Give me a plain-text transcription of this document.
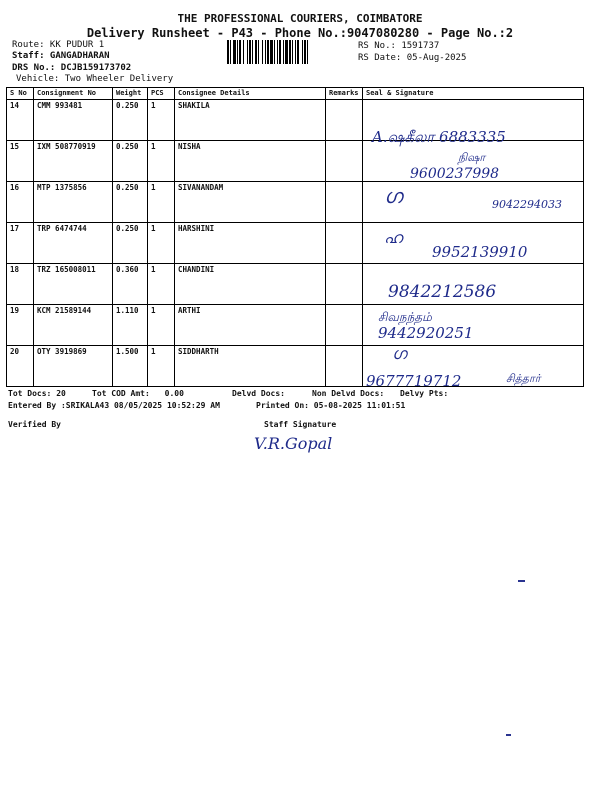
THE PROFESSIONAL COURIERS, COIMBATORE
Delivery Runsheet - P43 - Phone No.:9047080280 - Page No.:2
Route: KK PUDUR 1
Staff: GANGADHARAN
DRS No.: DCJB159173702
Vehicle: Two Wheeler Delivery
RS No.: 1591737
RS Date: 05-Aug-2025
S No	Consignment No	Weight	PCS	Consignee Details	Remarks	Seal & Signature
14	CMM 993481	0.250	1	SHAKILA		
15	IXM 508770919	0.250	1	NISHA		
16	MTP 1375856	0.250	1	SIVANANDAM		
17	TRP 6474744	0.250	1	HARSHINI		
18	TRZ 165008011	0.360	1	CHANDINI		
19	KCM 21589144	1.110	1	ARTHI		
20	OTY 3919869	1.500	1	SIDDHARTH		
A.ஷகீலா 6883335
நிஷா
9600237998
ഗ	9042294033
ഹ
9952139910
9842212586
சிவநந்தம்
9442920251
ഗ
9677719712	சித்தார்
Tot Docs: 20	Tot COD Amt: 0.00	Delvd Docs:	Non Delvd Docs: Delvy Pts:
Entered By :SRIKALA43 08/05/2025 10:52:29 AM	Printed On: 05-08-2025 11:01:51
Verified By	Staff Signature
V.R.Gopal
